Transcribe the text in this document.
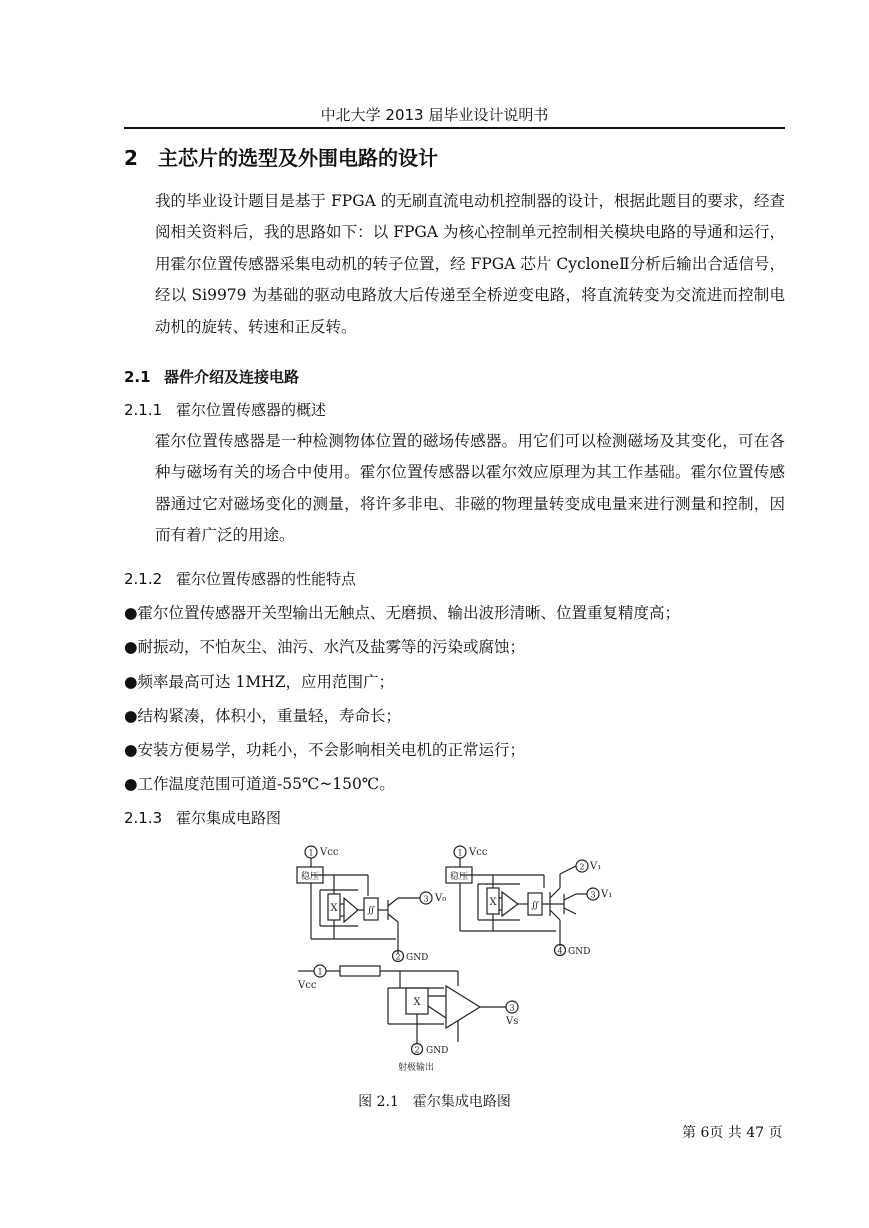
中北大学 2013 届毕业设计说明书
2 主芯片的选型及外围电路的设计
我的毕业设计题目是基于 FPGA 的无刷直流电动机控制器的设计，根据此题目的要求，经查阅相关资料后，我的思路如下：以 FPGA 为核心控制单元控制相关模块电路的导通和运行，用霍尔位置传感器采集电动机的转子位置，经 FPGA 芯片 CycloneⅡ分析后输出合适信号，经以 Si9979 为基础的驱动电路放大后传递至全桥逆变电路，将直流转变为交流进而控制电动机的旋转、转速和正反转。
2.1 器件介绍及连接电路
2.1.1 霍尔位置传感器的概述
霍尔位置传感器是一种检测物体位置的磁场传感器。用它们可以检测磁场及其变化，可在各种与磁场有关的场合中使用。霍尔位置传感器以霍尔效应原理为其工作基础。霍尔位置传感器通过它对磁场变化的测量，将许多非电、非磁的物理量转变成电量来进行测量和控制，因而有着广泛的用途。
2.1.2 霍尔位置传感器的性能特点
●霍尔位置传感器开关型输出无触点、无磨损、输出波形清晰、位置重复精度高；
●耐振动，不怕灰尘、油污、水汽及盐雾等的污染或腐蚀；
●频率最高可达 1MHZ，应用范围广；
●结构紧凑，体积小，重量轻，寿命长；
●安装方便易学，功耗小，不会影响相关电机的正常运行；
●工作温度范围可道道-55℃~150℃。
2.1.3 霍尔集成电路图
1 Vcc
稳压
X	∬
3 V₀
2 GND
1 Vcc
稳压
X	∬
2 V₁
3 V₁
4 GND
1
Vcc
X	3
Vs
2 GND
射极输出
图 2.1　霍尔集成电路图
第 6页 共 47 页
